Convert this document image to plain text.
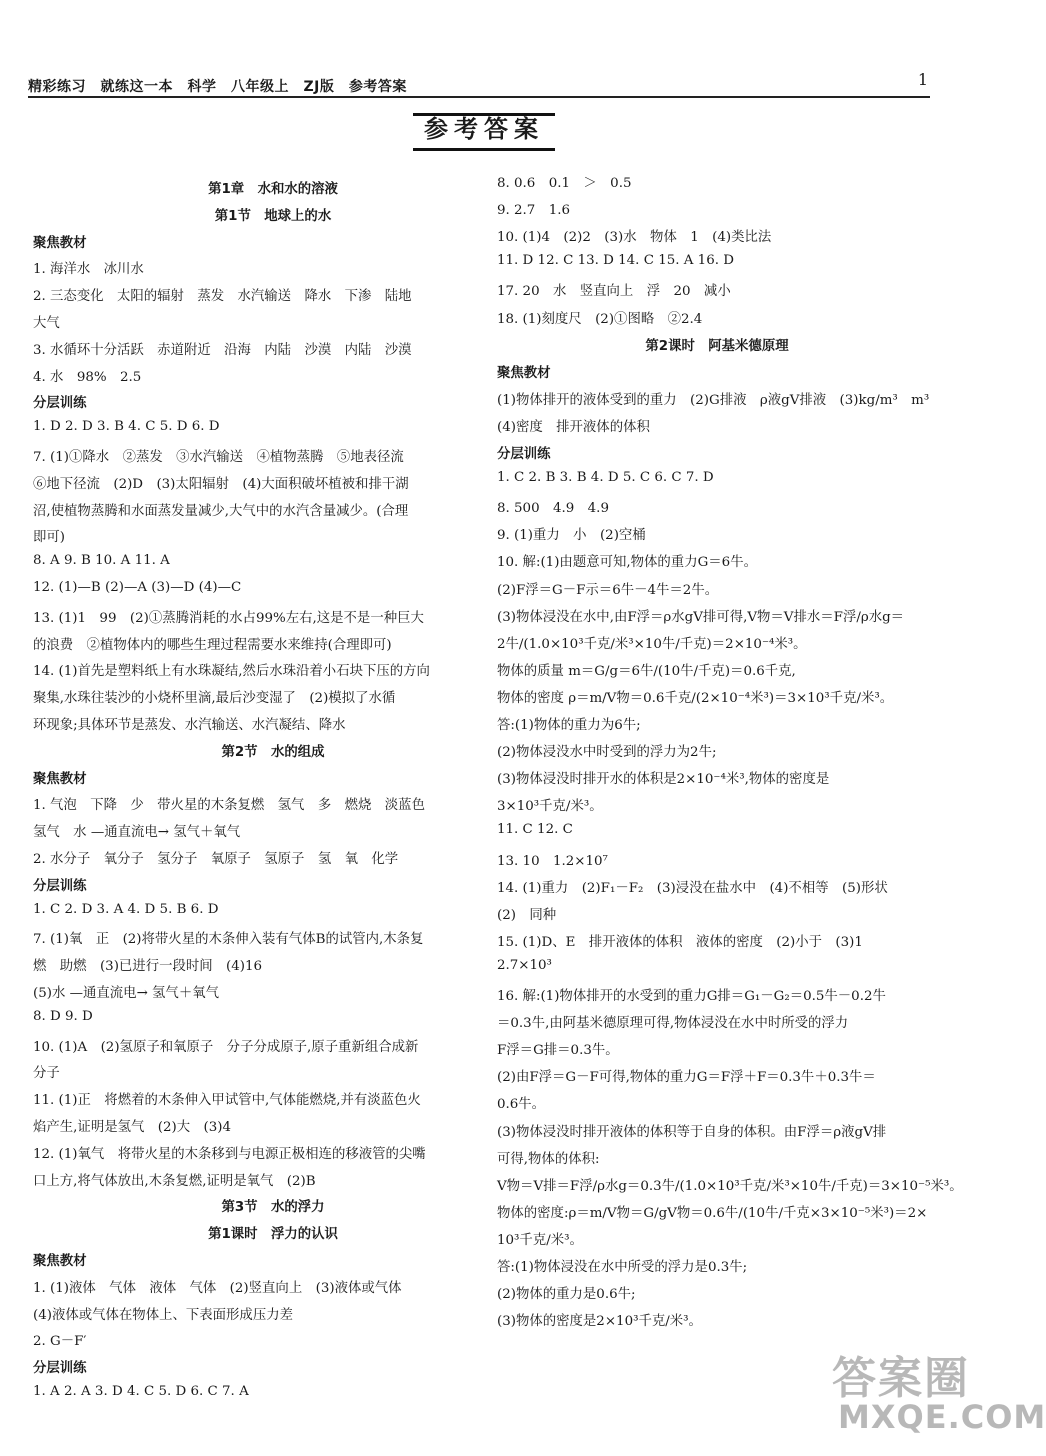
精彩练习　就练这一本　科学　八年级上　ZJ版　参考答案	1
参考答案
第1章　水和水的溶液
第1节　地球上的水
聚焦教材
1. 海洋水　冰川水
2. 三态变化　太阳的辐射　蒸发　水汽输送　降水　下渗　陆地
大气
3. 水循环十分活跃　赤道附近　沿海　内陆　沙漠　内陆　沙漠
4. 水　98%　2.5
分层训练
1. D 2. D 3. B 4. C 5. D 6. D
7. (1)①降水　②蒸发　③水汽输送　④植物蒸腾　⑤地表径流
⑥地下径流　(2)D　(3)太阳辐射　(4)大面积破坏植被和排干湖
沼,使植物蒸腾和水面蒸发量减少,大气中的水汽含量减少。(合理
即可)
8. A 9. B 10. A 11. A
12. (1)—B (2)—A (3)—D (4)—C
13. (1)1　99　(2)①蒸腾消耗的水占99%左右,这是不是一种巨大
的浪费　②植物体内的哪些生理过程需要水来维持(合理即可)
14. (1)首先是塑料纸上有水珠凝结,然后水珠沿着小石块下压的方向
聚集,水珠往装沙的小烧杯里滴,最后沙变湿了　(2)模拟了水循
环现象;具体环节是蒸发、水汽输送、水汽凝结、降水
第2节　水的组成
聚焦教材
1. 气泡　下降　少　带火星的木条复燃　氢气　多　燃烧　淡蓝色
氢气　水 —通直流电→ 氢气＋氧气
2. 水分子　氧分子　氢分子　氧原子　氢原子　氢　氧　化学
分层训练
1. C 2. D 3. A 4. D 5. B 6. D
7. (1)氧　正　(2)将带火星的木条伸入装有气体B的试管内,木条复
燃　助燃　(3)已进行一段时间　(4)16
(5)水 —通直流电→ 氢气＋氧气
8. D 9. D
10. (1)A　(2)氢原子和氧原子　分子分成原子,原子重新组合成新
分子
11. (1)正　将燃着的木条伸入甲试管中,气体能燃烧,并有淡蓝色火
焰产生,证明是氢气　(2)大　(3)4
12. (1)氧气　将带火星的木条移到与电源正极相连的移液管的尖嘴
口上方,将气体放出,木条复燃,证明是氧气　(2)B
第3节　水的浮力
第1课时　浮力的认识
聚焦教材
1. (1)液体　气体　液体　气体　(2)竖直向上　(3)液体或气体
(4)液体或气体在物体上、下表面形成压力差
2. G－F′
分层训练
1. A 2. A 3. D 4. C 5. D 6. C 7. A
8. 0.6　0.1　＞　0.5
9. 2.7　1.6
10. (1)4　(2)2　(3)水　物体　1　(4)类比法
11. D 12. C 13. D 14. C 15. A 16. D
17. 20　水　竖直向上　浮　20　减小
18. (1)刻度尺　(2)①图略　②2.4
第2课时　阿基米德原理
聚焦教材
(1)物体排开的液体受到的重力　(2)G排液　ρ液gV排液　(3)kg/m³　m³
(4)密度　排开液体的体积
分层训练
1. C 2. B 3. B 4. D 5. C 6. C 7. D
8. 500　4.9　4.9
9. (1)重力　小　(2)空桶
10. 解:(1)由题意可知,物体的重力G＝6牛。
(2)F浮＝G－F示＝6牛－4牛＝2牛。
(3)物体浸没在水中,由F浮＝ρ水gV排可得,V物＝V排水＝F浮/ρ水g＝
2牛/(1.0×10³千克/米³×10牛/千克)＝2×10⁻⁴米³。
物体的质量 m＝G/g＝6牛/(10牛/千克)＝0.6千克,
物体的密度 ρ＝m/V物＝0.6千克/(2×10⁻⁴米³)＝3×10³千克/米³。
答:(1)物体的重力为6牛;
(2)物体浸没水中时受到的浮力为2牛;
(3)物体浸没时排开水的体积是2×10⁻⁴米³,物体的密度是
3×10³千克/米³。
11. C 12. C
13. 10　1.2×10⁷
14. (1)重力　(2)F₁－F₂　(3)浸没在盐水中　(4)不相等　(5)形状
(2)　同种
15. (1)D、E　排开液体的体积　液体的密度　(2)小于　(3)1
2.7×10³
16. 解:(1)物体排开的水受到的重力G排＝G₁－G₂＝0.5牛－0.2牛
＝0.3牛,由阿基米德原理可得,物体浸没在水中时所受的浮力
F浮＝G排＝0.3牛。
(2)由F浮＝G－F可得,物体的重力G＝F浮＋F＝0.3牛＋0.3牛＝
0.6牛。
(3)物体浸没时排开液体的体积等于自身的体积。由F浮＝ρ液gV排
可得,物体的体积:
V物＝V排＝F浮/ρ水g＝0.3牛/(1.0×10³千克/米³×10牛/千克)＝3×10⁻⁵米³。
物体的密度:ρ＝m/V物＝G/gV物＝0.6牛/(10牛/千克×3×10⁻⁵米³)＝2×
10³千克/米³。
答:(1)物体浸没在水中所受的浮力是0.3牛;
(2)物体的重力是0.6牛;
(3)物体的密度是2×10³千克/米³。
答案圈
MXQE.COM
